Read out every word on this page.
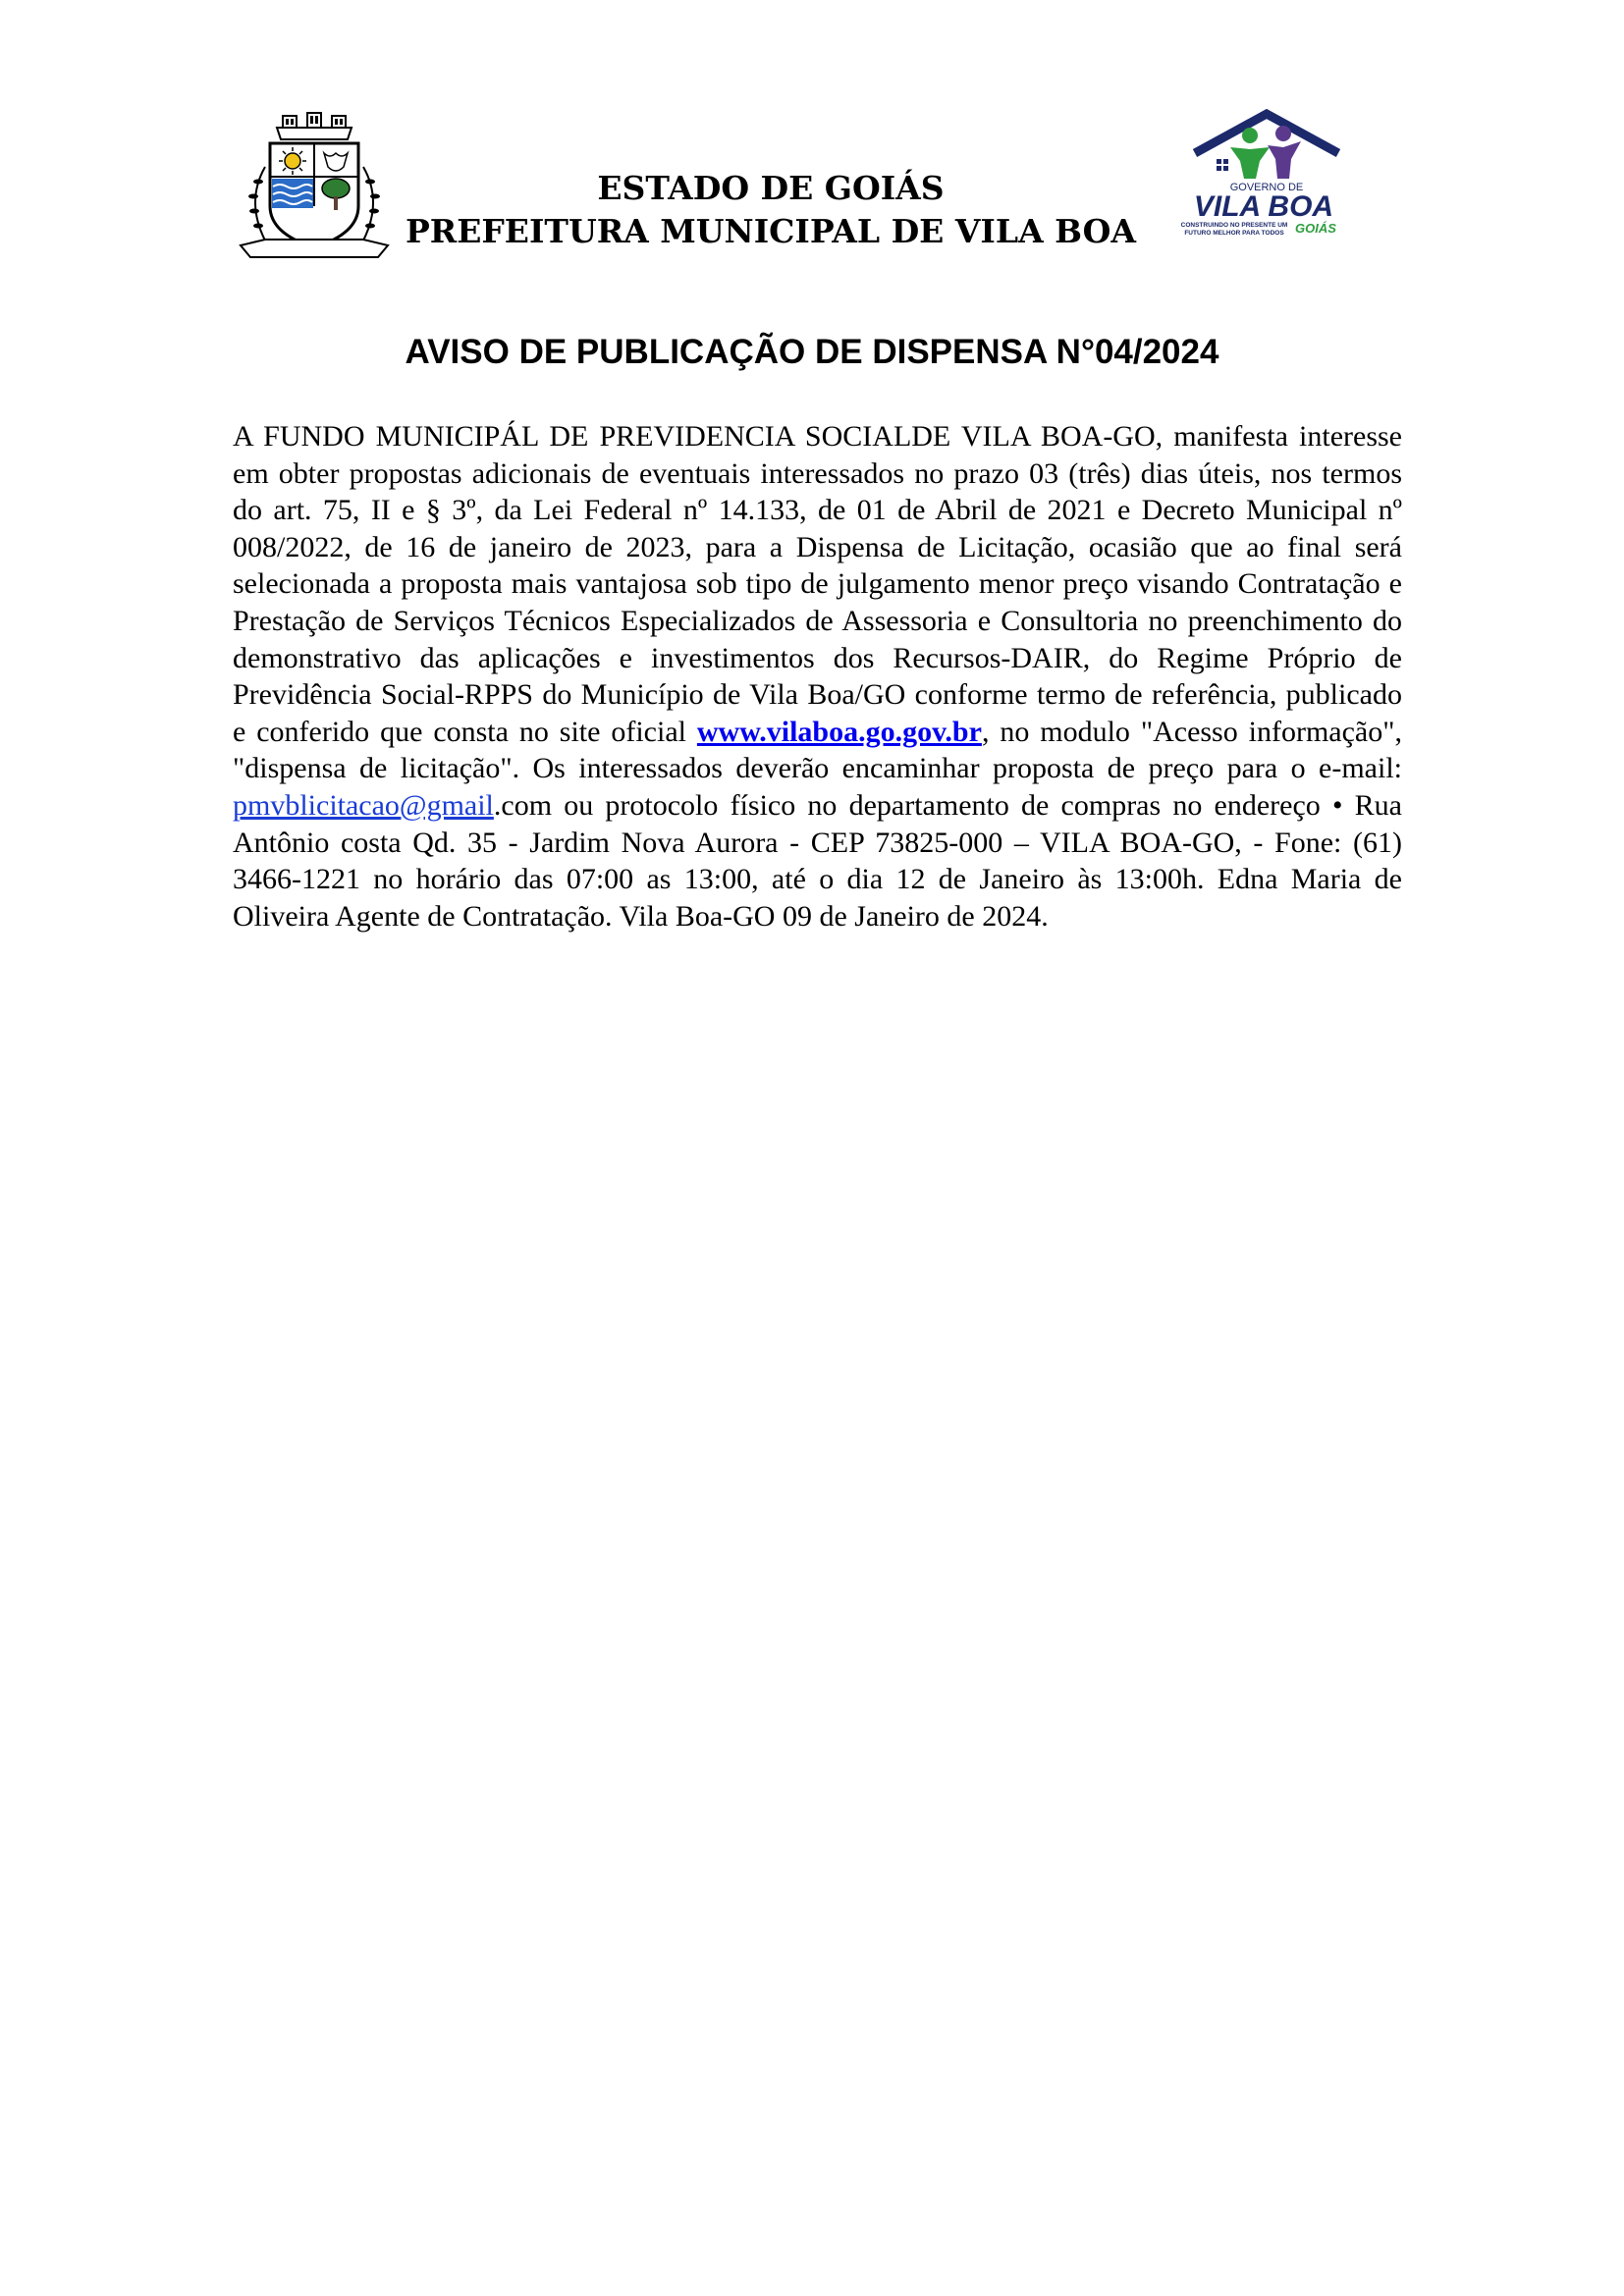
ESTADO DE GOIÁS
PREFEITURA MUNICIPAL DE VILA BOA
GOVERNO DE
VILA BOA
CONSTRUINDO NO PRESENTE UM
FUTURO MELHOR PARA TODOS GOIÁS
AVISO DE PUBLICAÇÃO DE DISPENSA N°04/2024
A FUNDO MUNICIPÁL DE PREVIDENCIA SOCIALDE VILA BOA-GO, manifesta interesse em obter propostas adicionais de eventuais interessados no prazo 03 (três) dias úteis, nos termos do art. 75, II e § 3º, da Lei Federal nº 14.133, de 01 de Abril de 2021 e Decreto Municipal nº 008/2022, de 16 de janeiro de 2023, para a Dispensa de Licitação, ocasião que ao final será selecionada a proposta mais vantajosa sob tipo de julgamento menor preço visando Contratação e Prestação de Serviços Técnicos Especializados de Assessoria e Consultoria no preenchimento do demonstrativo das aplicações e investimentos dos Recursos-DAIR, do Regime Próprio de Previdência Social-RPPS do Município de Vila Boa/GO conforme termo de referência, publicado e conferido que consta no site oficial www.vilaboa.go.gov.br, no modulo "Acesso informação", "dispensa de licitação". Os interessados deverão encaminhar proposta de preço para o e-mail: pmvblicitacao@gmail.com ou protocolo físico no departamento de compras no endereço • Rua Antônio costa Qd. 35 - Jardim Nova Aurora - CEP 73825-000 – VILA BOA-GO, - Fone: (61) 3466-1221 no horário das 07:00 as 13:00, até o dia 12 de Janeiro às 13:00h. Edna Maria de Oliveira Agente de Contratação. Vila Boa-GO 09 de Janeiro de 2024.
